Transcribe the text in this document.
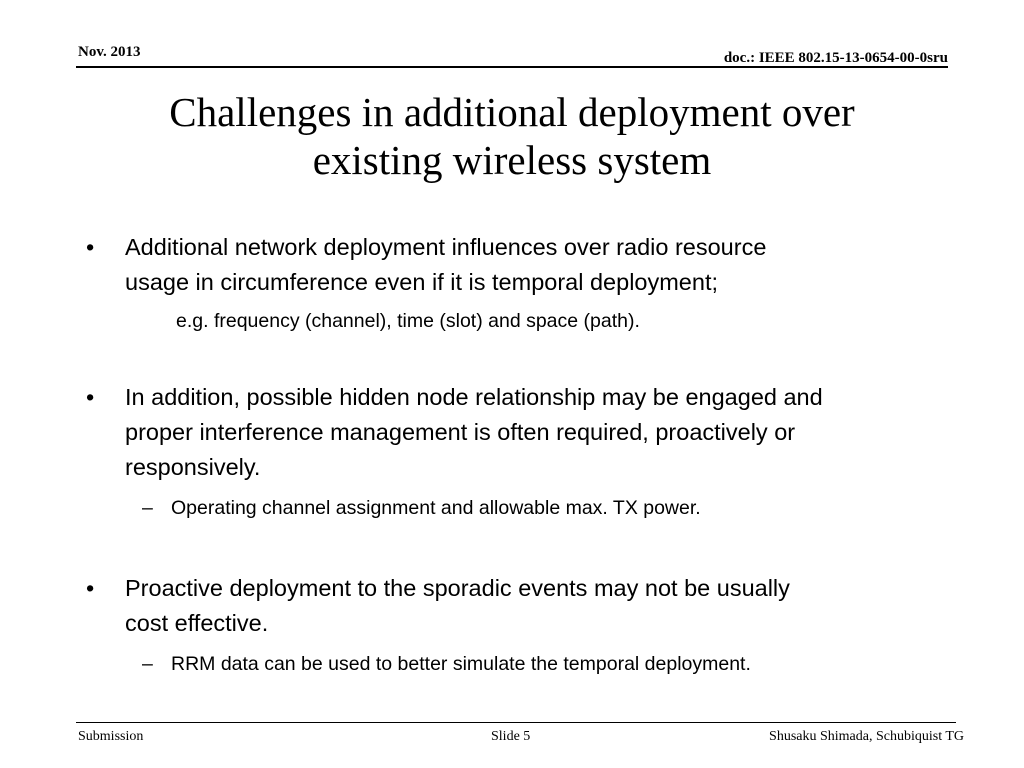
Nov. 2013	doc.: IEEE 802.15-13-0654-00-0sru
Challenges in additional deployment over
existing wireless system
• Additional network deployment influences over radio resource
usage in circumference even if it is temporal deployment;
e.g. frequency (channel), time (slot) and space (path).
• In addition, possible hidden node relationship may be engaged and
proper interference management is often required, proactively or
responsively.
– Operating channel assignment and allowable max. TX power.
• Proactive deployment to the sporadic events may not be usually
cost effective.
– RRM data can be used to better simulate the temporal deployment.
Submission	Slide 5	Shusaku Shimada, Schubiquist TG
